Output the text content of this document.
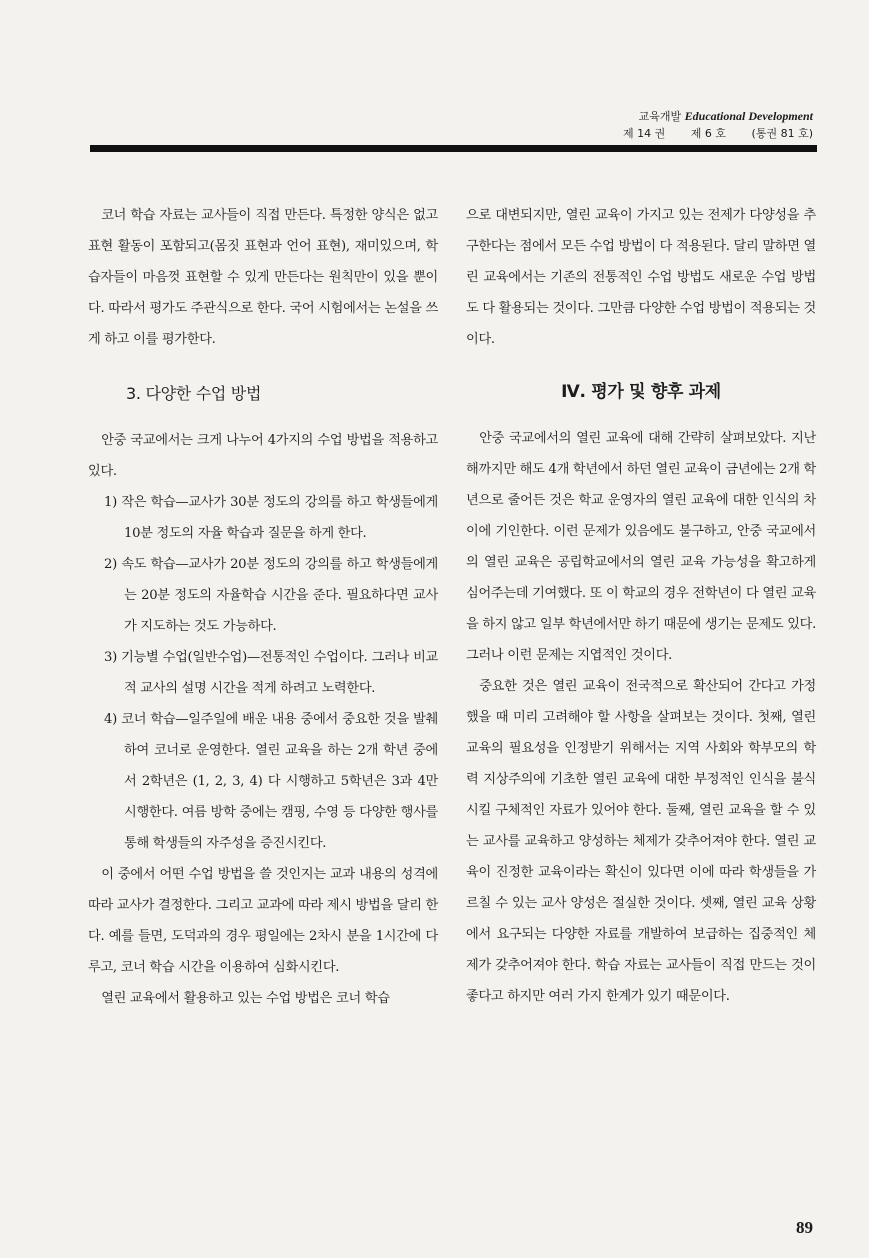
교육개발 Educational Development
제 14 권 제 6 호 (통권 81 호)

코너 학습 자료는 교사들이 직접 만든다. 특정한 양식은 없고 표현 활동이 포함되고(몸짓 표현과 언어 표현), 재미있으며, 학습자들이 마음껏 표현할 수 있게 만든다는 원칙만이 있을 뿐이다. 따라서 평가도 주관식으로 한다. 국어 시험에서는 논설을 쓰게 하고 이를 평가한다.

3. 다양한 수업 방법

안중 국교에서는 크게 나누어 4가지의 수업 방법을 적용하고 있다.

1) 작은 학습—교사가 30분 정도의 강의를 하고 학생들에게 10분 정도의 자율 학습과 질문을 하게 한다.

2) 속도 학습—교사가 20분 정도의 강의를 하고 학생들에게는 20분 정도의 자율학습 시간을 준다. 필요하다면 교사가 지도하는 것도 가능하다.

3) 기능별 수업(일반수업)—전통적인 수업이다. 그러나 비교적 교사의 설명 시간을 적게 하려고 노력한다.

4) 코너 학습—일주일에 배운 내용 중에서 중요한 것을 발췌하여 코너로 운영한다. 열린 교육을 하는 2개 학년 중에서 2학년은 (1, 2, 3, 4) 다 시행하고 5학년은 3과 4만 시행한다. 여름 방학 중에는 캠핑, 수영 등 다양한 행사를 통해 학생들의 자주성을 증진시킨다.

이 중에서 어떤 수업 방법을 쓸 것인지는 교과 내용의 성격에 따라 교사가 결정한다. 그리고 교과에 따라 제시 방법을 달리 한다. 예를 들면, 도덕과의 경우 평일에는 2차시 분을 1시간에 다루고, 코너 학습 시간을 이용하여 심화시킨다.

열린 교육에서 활용하고 있는 수업 방법은 코너 학습

으로 대변되지만, 열린 교육이 가지고 있는 전제가 다양성을 추구한다는 점에서 모든 수업 방법이 다 적용된다. 달리 말하면 열린 교육에서는 기존의 전통적인 수업 방법도 새로운 수업 방법도 다 활용되는 것이다. 그만큼 다양한 수업 방법이 적용되는 것이다.

Ⅳ. 평가 및 향후 과제

안중 국교에서의 열린 교육에 대해 간략히 살펴보았다. 지난 해까지만 해도 4개 학년에서 하던 열린 교육이 금년에는 2개 학년으로 줄어든 것은 학교 운영자의 열린 교육에 대한 인식의 차이에 기인한다. 이런 문제가 있음에도 불구하고, 안중 국교에서의 열린 교육은 공립학교에서의 열린 교육 가능성을 확고하게 심어주는데 기여했다. 또 이 학교의 경우 전학년이 다 열린 교육을 하지 않고 일부 학년에서만 하기 때문에 생기는 문제도 있다. 그러나 이런 문제는 지엽적인 것이다.

중요한 것은 열린 교육이 전국적으로 확산되어 간다고 가정했을 때 미리 고려해야 할 사항을 살펴보는 것이다. 첫째, 열린 교육의 필요성을 인정받기 위해서는 지역 사회와 학부모의 학력 지상주의에 기초한 열린 교육에 대한 부정적인 인식을 불식시킬 구체적인 자료가 있어야 한다. 둘째, 열린 교육을 할 수 있는 교사를 교육하고 양성하는 체제가 갖추어져야 한다. 열린 교육이 진정한 교육이라는 확신이 있다면 이에 따라 학생들을 가르칠 수 있는 교사 양성은 절실한 것이다. 셋째, 열린 교육 상황에서 요구되는 다양한 자료를 개발하여 보급하는 집중적인 체제가 갖추어져야 한다. 학습 자료는 교사들이 직접 만드는 것이 좋다고 하지만 여러 가지 한계가 있기 때문이다.

89
